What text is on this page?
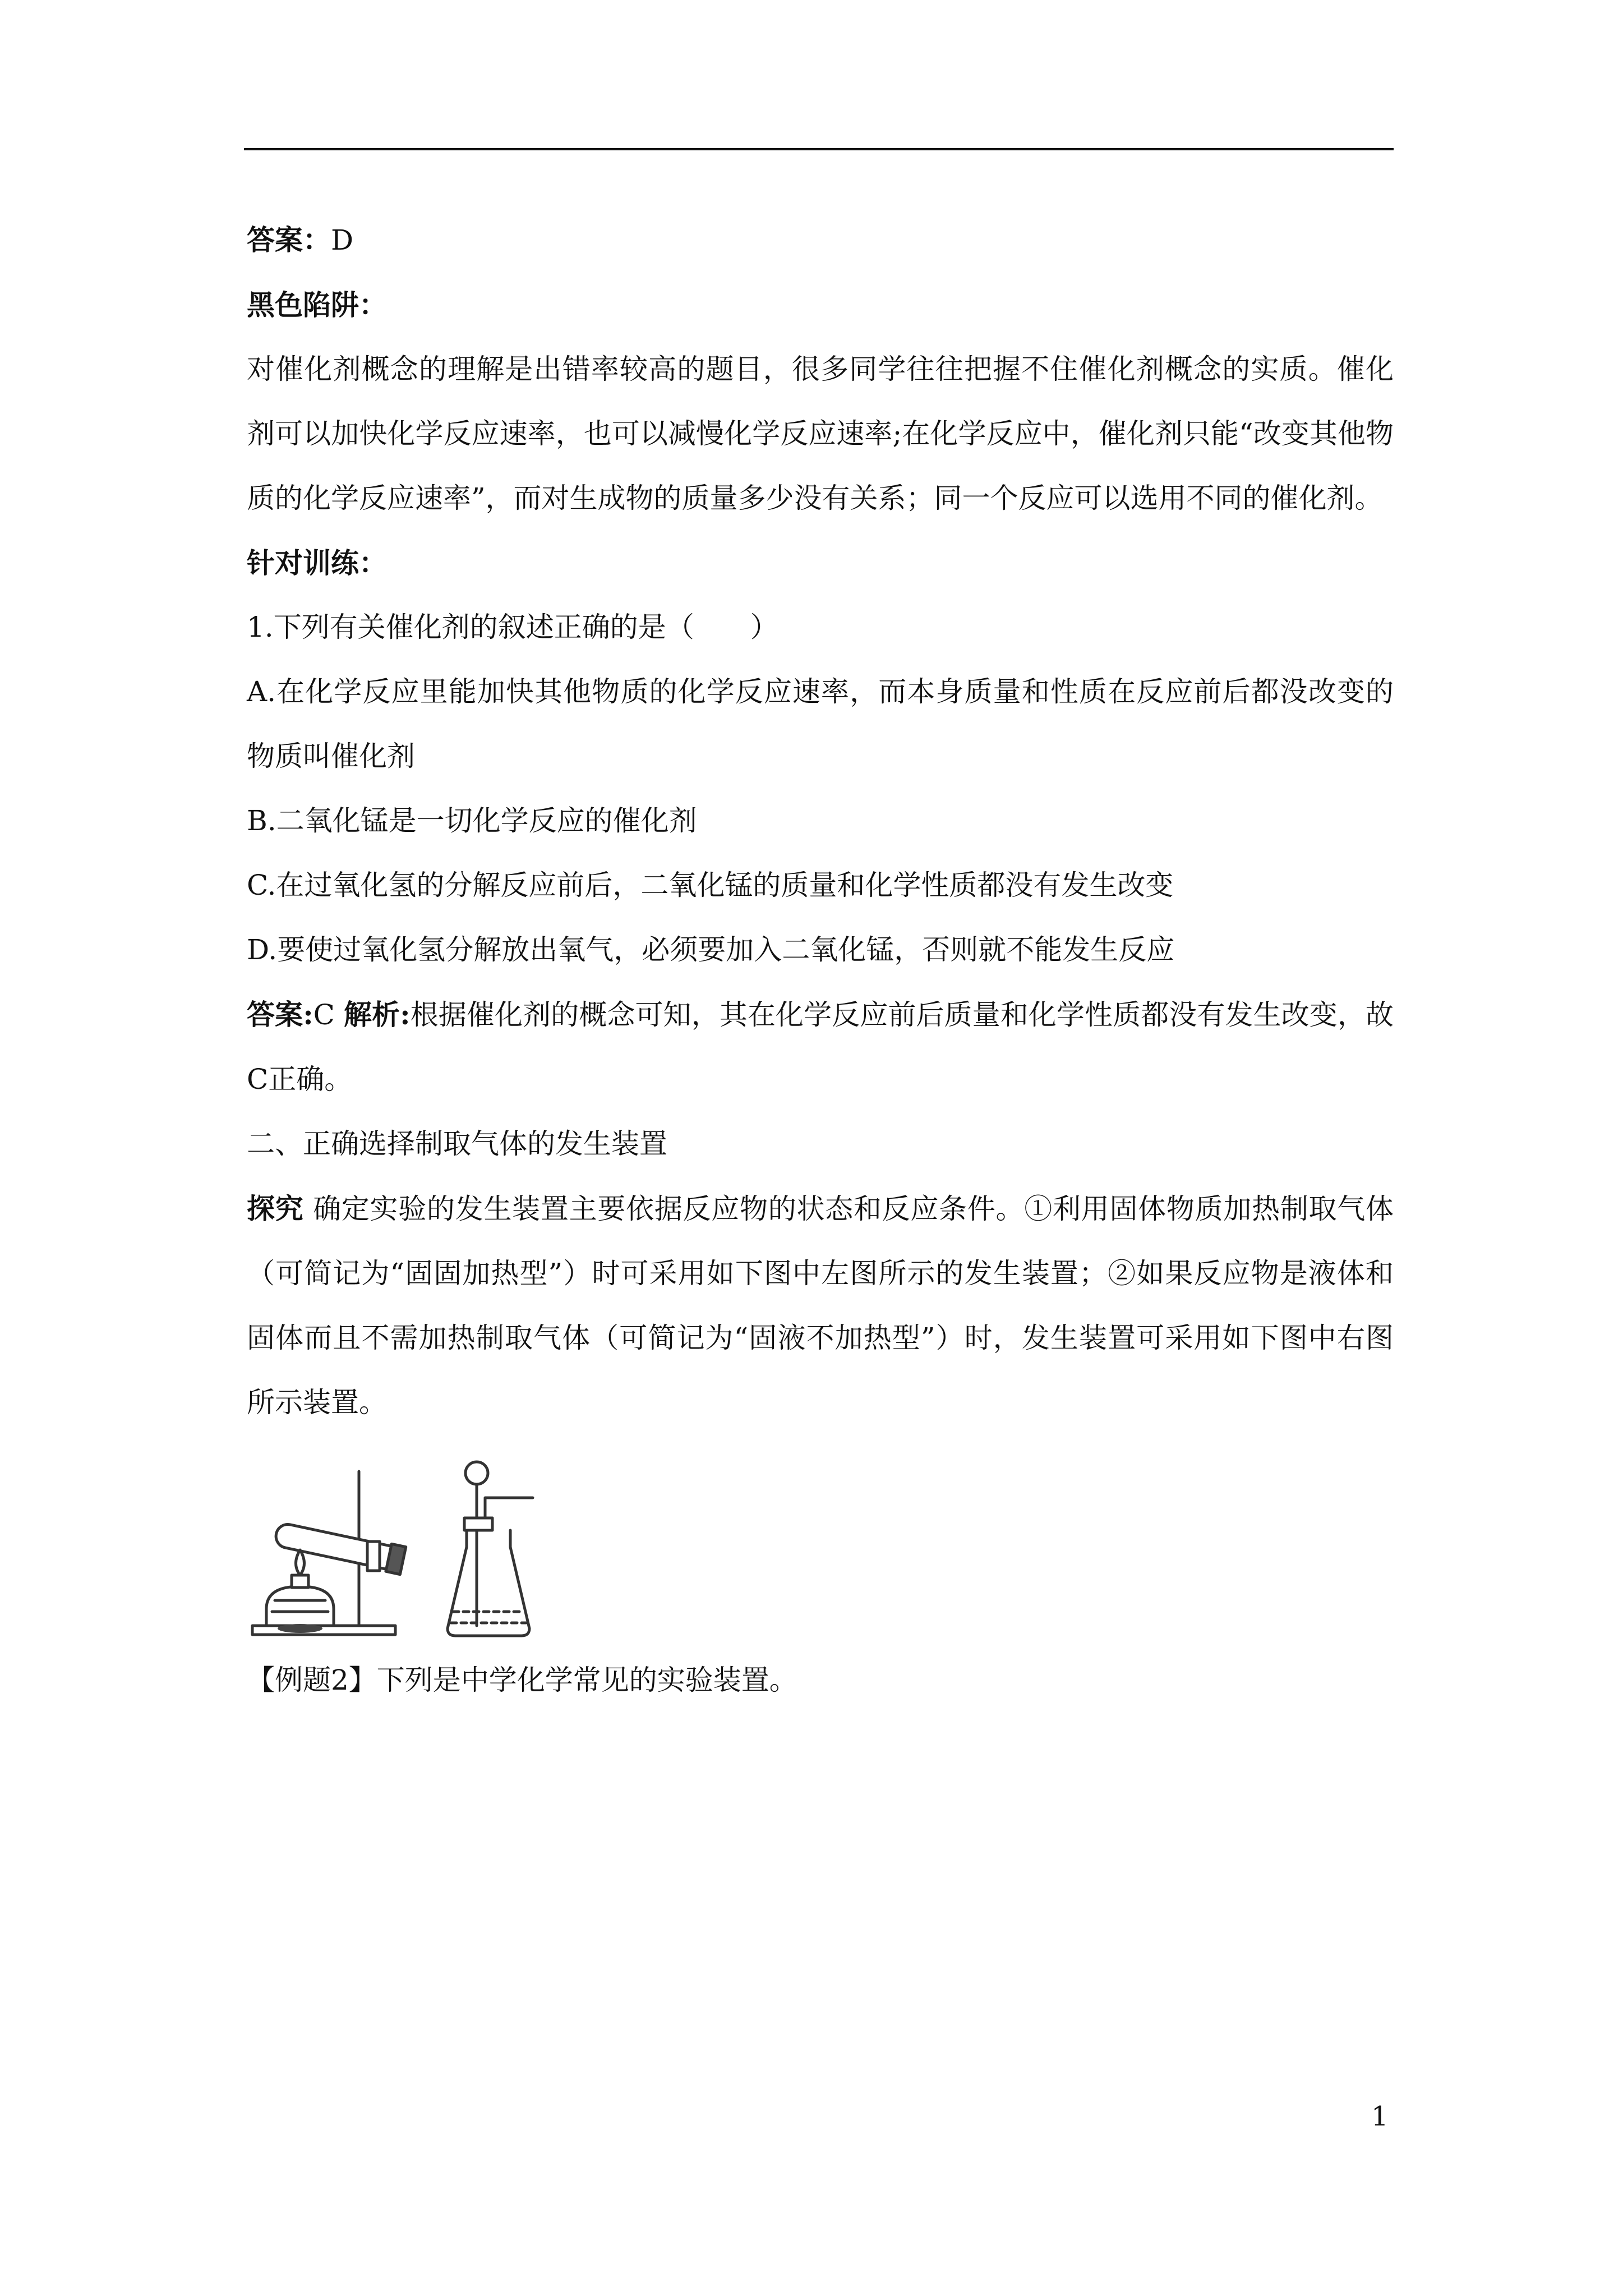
答案：D

黑色陷阱：

对催化剂概念的理解是出错率较高的题目，很多同学往往把握不住催化剂概念的实质。催化剂可以加快化学反应速率，也可以减慢化学反应速率;在化学反应中，催化剂只能“改变其他物质的化学反应速率”，而对生成物的质量多少没有关系；同一个反应可以选用不同的催化剂。

针对训练：

1.下列有关催化剂的叙述正确的是（　　）

A.在化学反应里能加快其他物质的化学反应速率，而本身质量和性质在反应前后都没改变的物质叫催化剂

B.二氧化锰是一切化学反应的催化剂

C.在过氧化氢的分解反应前后，二氧化锰的质量和化学性质都没有发生改变

D.要使过氧化氢分解放出氧气，必须要加入二氧化锰，否则就不能发生反应

答案:C 解析:根据催化剂的概念可知，其在化学反应前后质量和化学性质都没有发生改变，故C正确。

二、正确选择制取气体的发生装置

探究 确定实验的发生装置主要依据反应物的状态和反应条件。①利用固体物质加热制取气体（可简记为“固固加热型”）时可采用如下图中左图所示的发生装置；②如果反应物是液体和固体而且不需加热制取气体（可简记为“固液不加热型”）时，发生装置可采用如下图中右图所示装置。

【例题2】下列是中学化学常见的实验装置。

1
